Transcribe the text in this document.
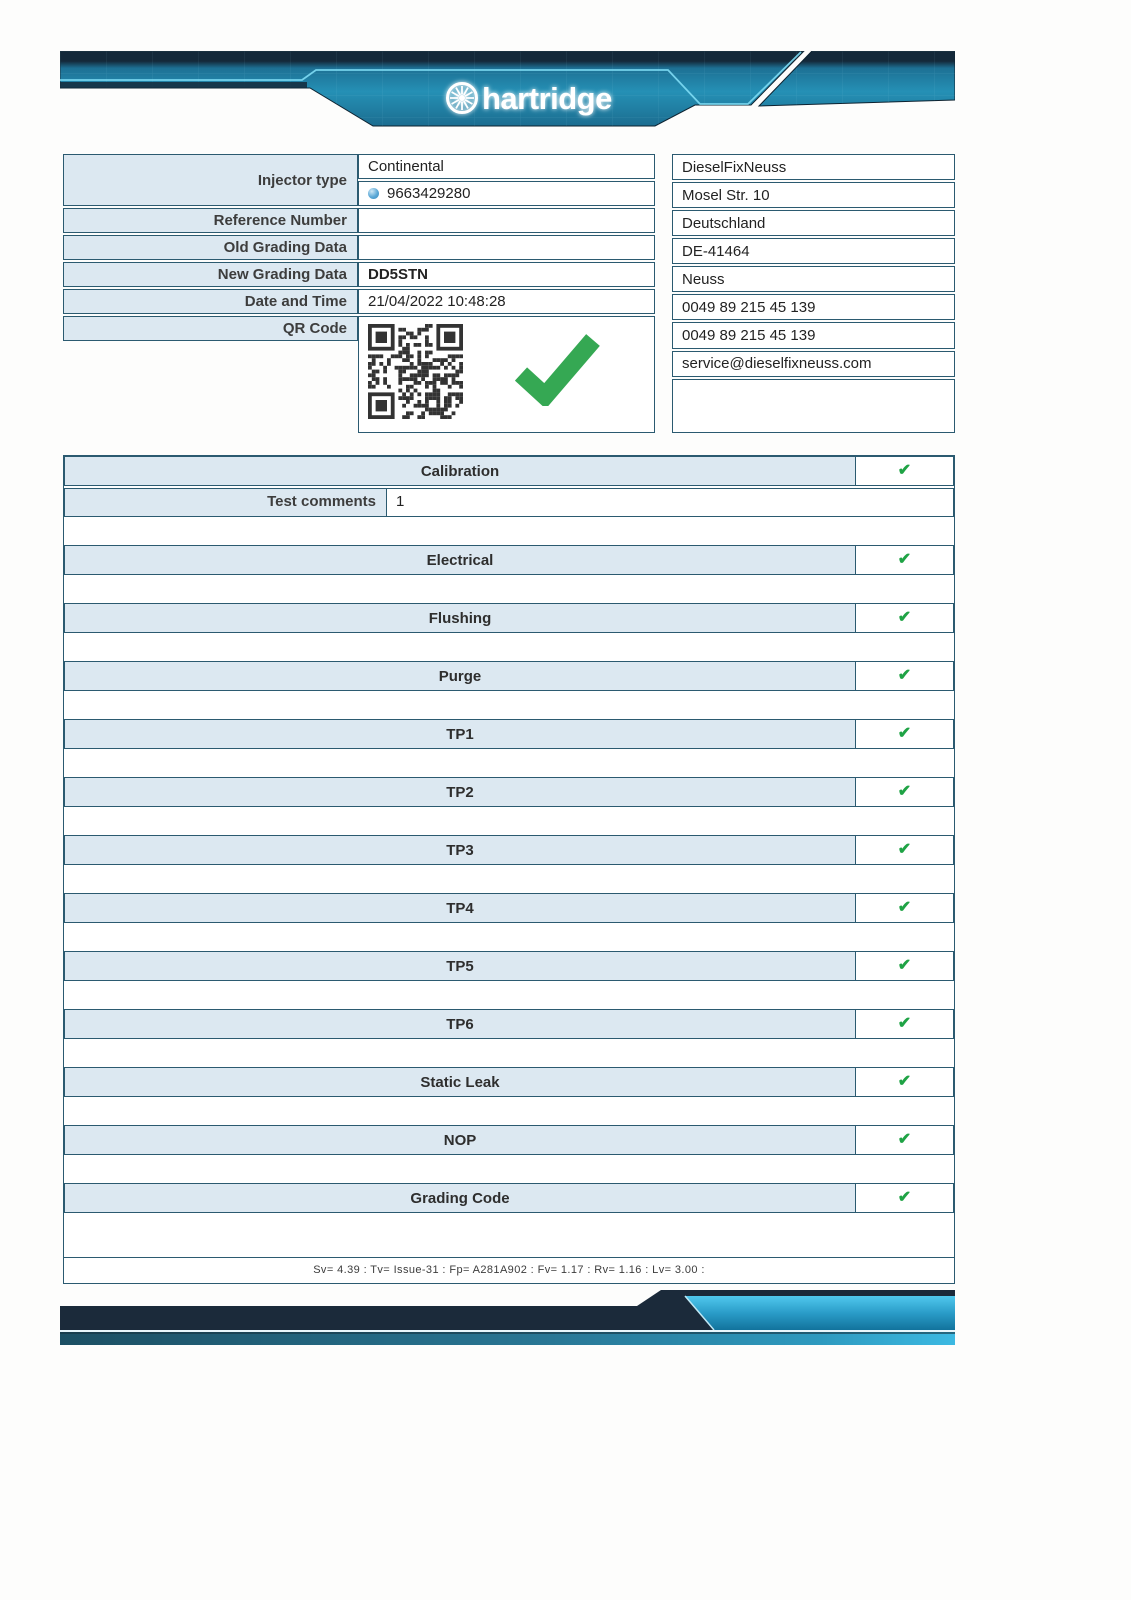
hartridge
Injector type	Continental

	9663429280

Reference Number	
Old Grading Data	
New Grading Data	DD5STN
Date and Time	21/04/2022 10:48:28
QR Code	

DieselFixNeuss
Mosel Str. 10
Deutschland
DE-41464
Neuss
0049 89 215 45 139
0049 89 215 45 139
service@dieselfixneuss.com

Calibration	✔
Test comments	1
Electrical	✔
Flushing	✔
Purge	✔
TP1	✔
TP2	✔
TP3	✔
TP4	✔
TP5	✔
TP6	✔
Static Leak	✔
NOP	✔
Grading Code	✔
Sv= 4.39 : Tv= Issue-31 : Fp= A281A902 : Fv= 1.17 : Rv= 1.16 : Lv= 3.00 :
